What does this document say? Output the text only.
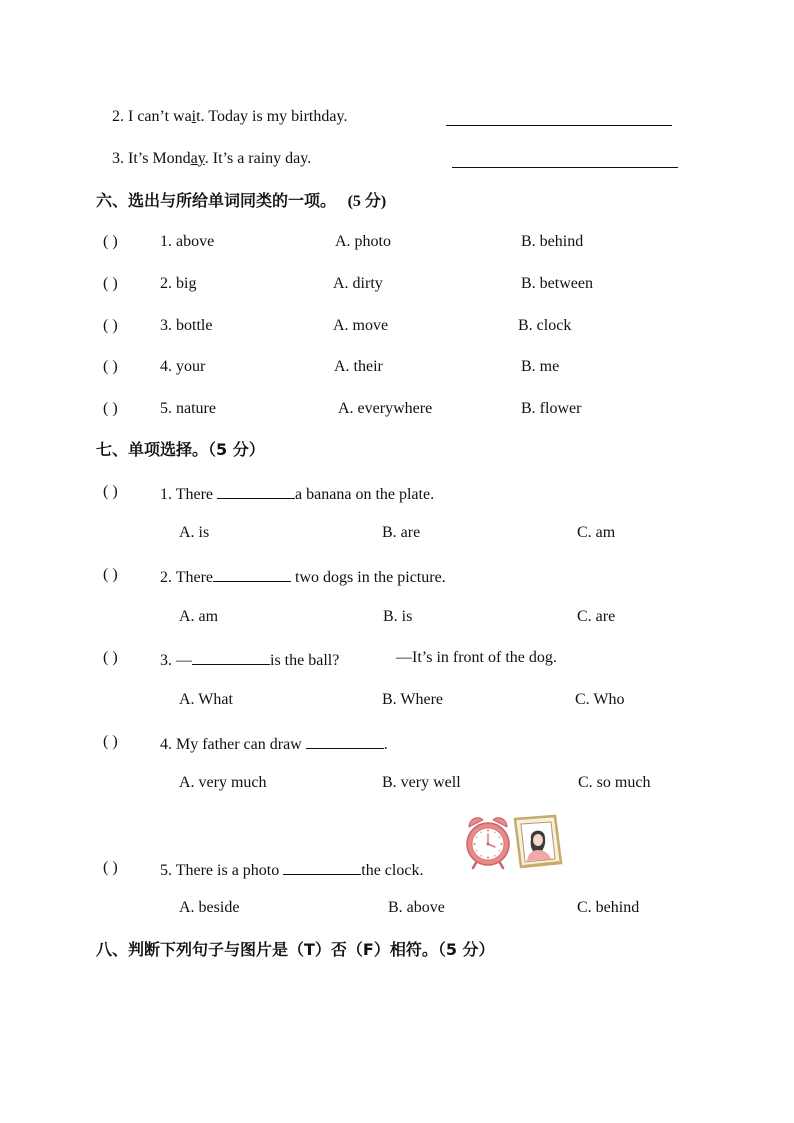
2. I can’t wait. Today is my birthday.
3. It’s Monday. It’s a rainy day.
六、选出与所给单词同类的一项。 (5 分)
( )	1. above	A. photo	B. behind
( )	2. big	A. dirty	B. between
( )	3. bottle	A. move	B. clock
( )	4. your	A. their	B. me
( )	5. nature	A. everywhere	B. flower
七、单项选择。（5 分）
( )	1. There	a banana on the plate.
A. is	B. are	C. am
( )	2. There	two dogs in the picture.
A. am	B. is	C. are
( )	3. —	is the ball?	—It’s in front of the dog.
A. What	B. Where	C. Who
( )	4. My father can draw	.
A. very much	B. very well	C. so much
( )	5. There is a photo	the clock.
A. beside	B. above	C. behind
八、判断下列句子与图片是（T）否（F）相符。（5 分）
